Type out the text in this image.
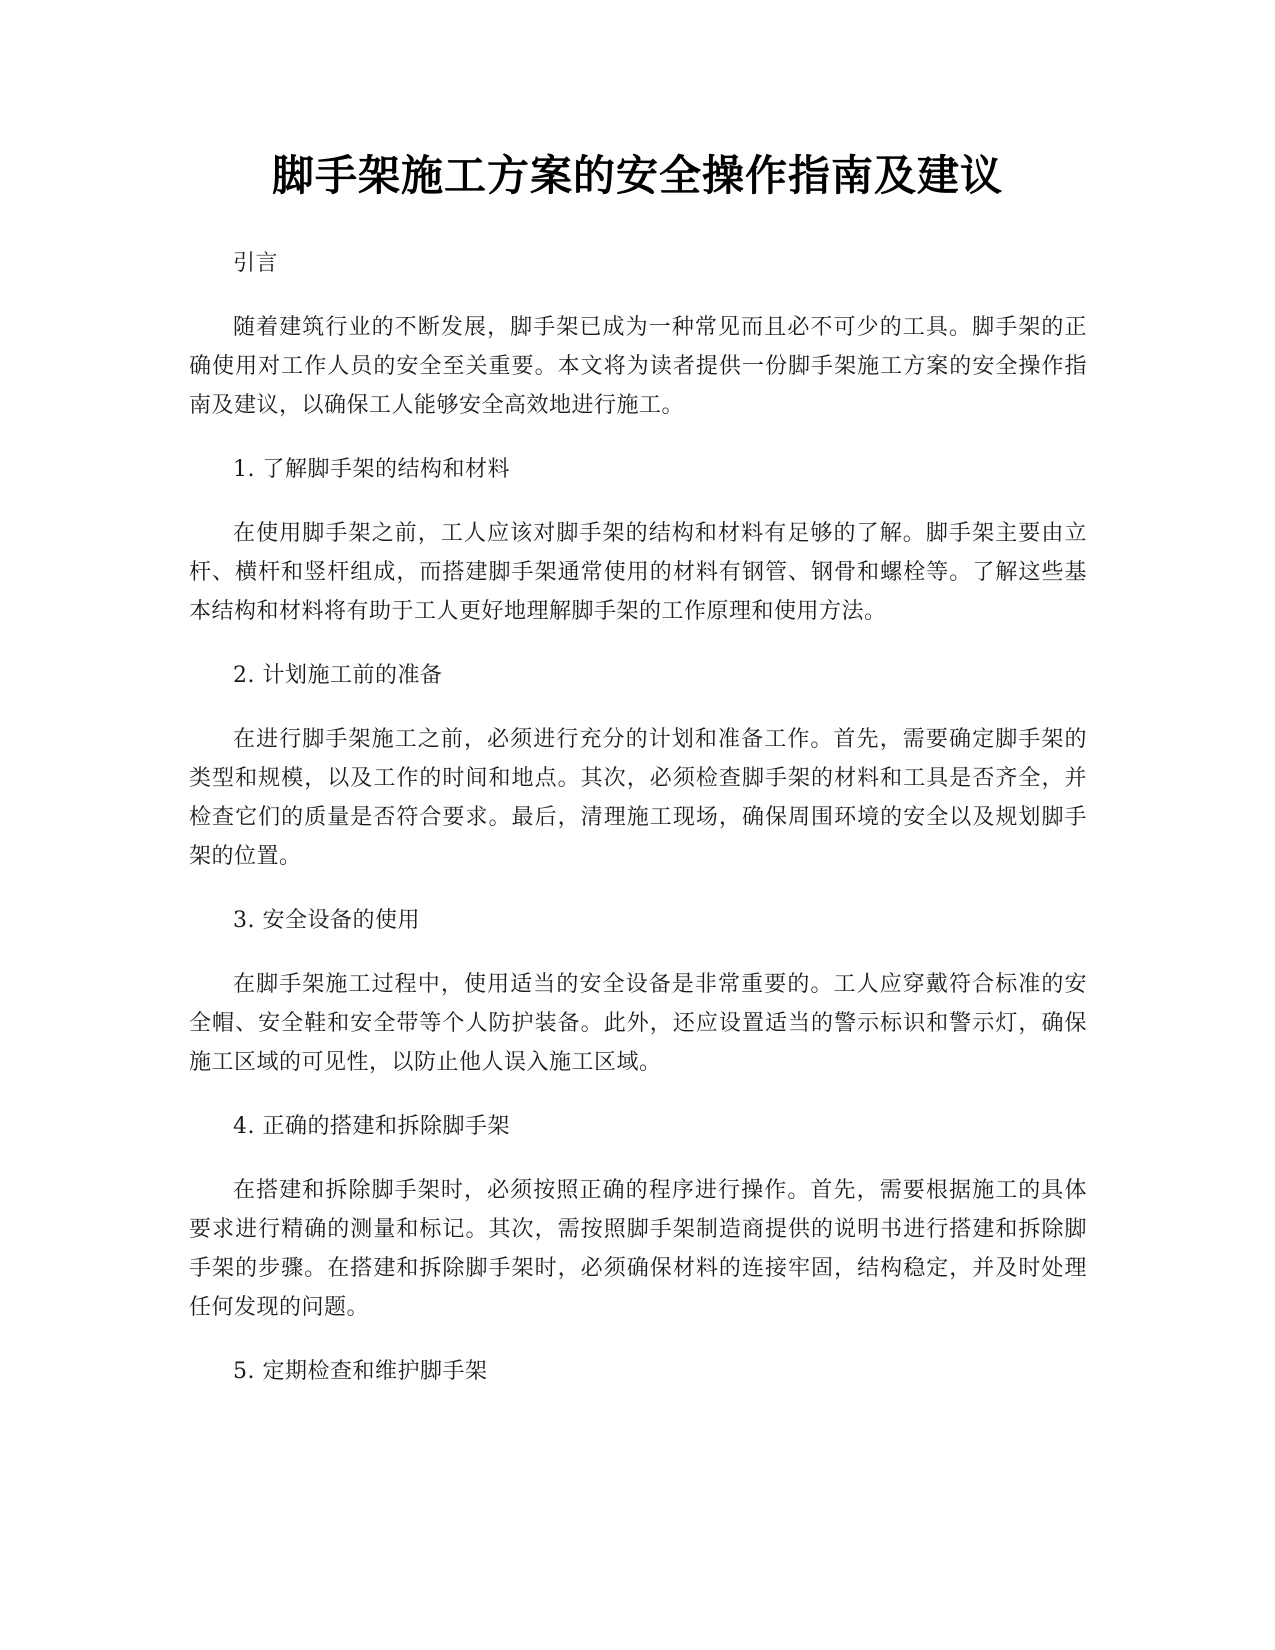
脚手架施工方案的安全操作指南及建议

引言

随着建筑行业的不断发展，脚手架已成为一种常见而且必不可少的工具。脚手架的正确使用对工作人员的安全至关重要。本文将为读者提供一份脚手架施工方案的安全操作指南及建议，以确保工人能够安全高效地进行施工。

1. 了解脚手架的结构和材料

在使用脚手架之前，工人应该对脚手架的结构和材料有足够的了解。脚手架主要由立杆、横杆和竖杆组成，而搭建脚手架通常使用的材料有钢管、钢骨和螺栓等。了解这些基本结构和材料将有助于工人更好地理解脚手架的工作原理和使用方法。

2. 计划施工前的准备

在进行脚手架施工之前，必须进行充分的计划和准备工作。首先，需要确定脚手架的类型和规模，以及工作的时间和地点。其次，必须检查脚手架的材料和工具是否齐全，并检查它们的质量是否符合要求。最后，清理施工现场，确保周围环境的安全以及规划脚手架的位置。

3. 安全设备的使用

在脚手架施工过程中，使用适当的安全设备是非常重要的。工人应穿戴符合标准的安全帽、安全鞋和安全带等个人防护装备。此外，还应设置适当的警示标识和警示灯，确保施工区域的可见性，以防止他人误入施工区域。

4. 正确的搭建和拆除脚手架

在搭建和拆除脚手架时，必须按照正确的程序进行操作。首先，需要根据施工的具体要求进行精确的测量和标记。其次，需按照脚手架制造商提供的说明书进行搭建和拆除脚手架的步骤。在搭建和拆除脚手架时，必须确保材料的连接牢固，结构稳定，并及时处理任何发现的问题。

5. 定期检查和维护脚手架
